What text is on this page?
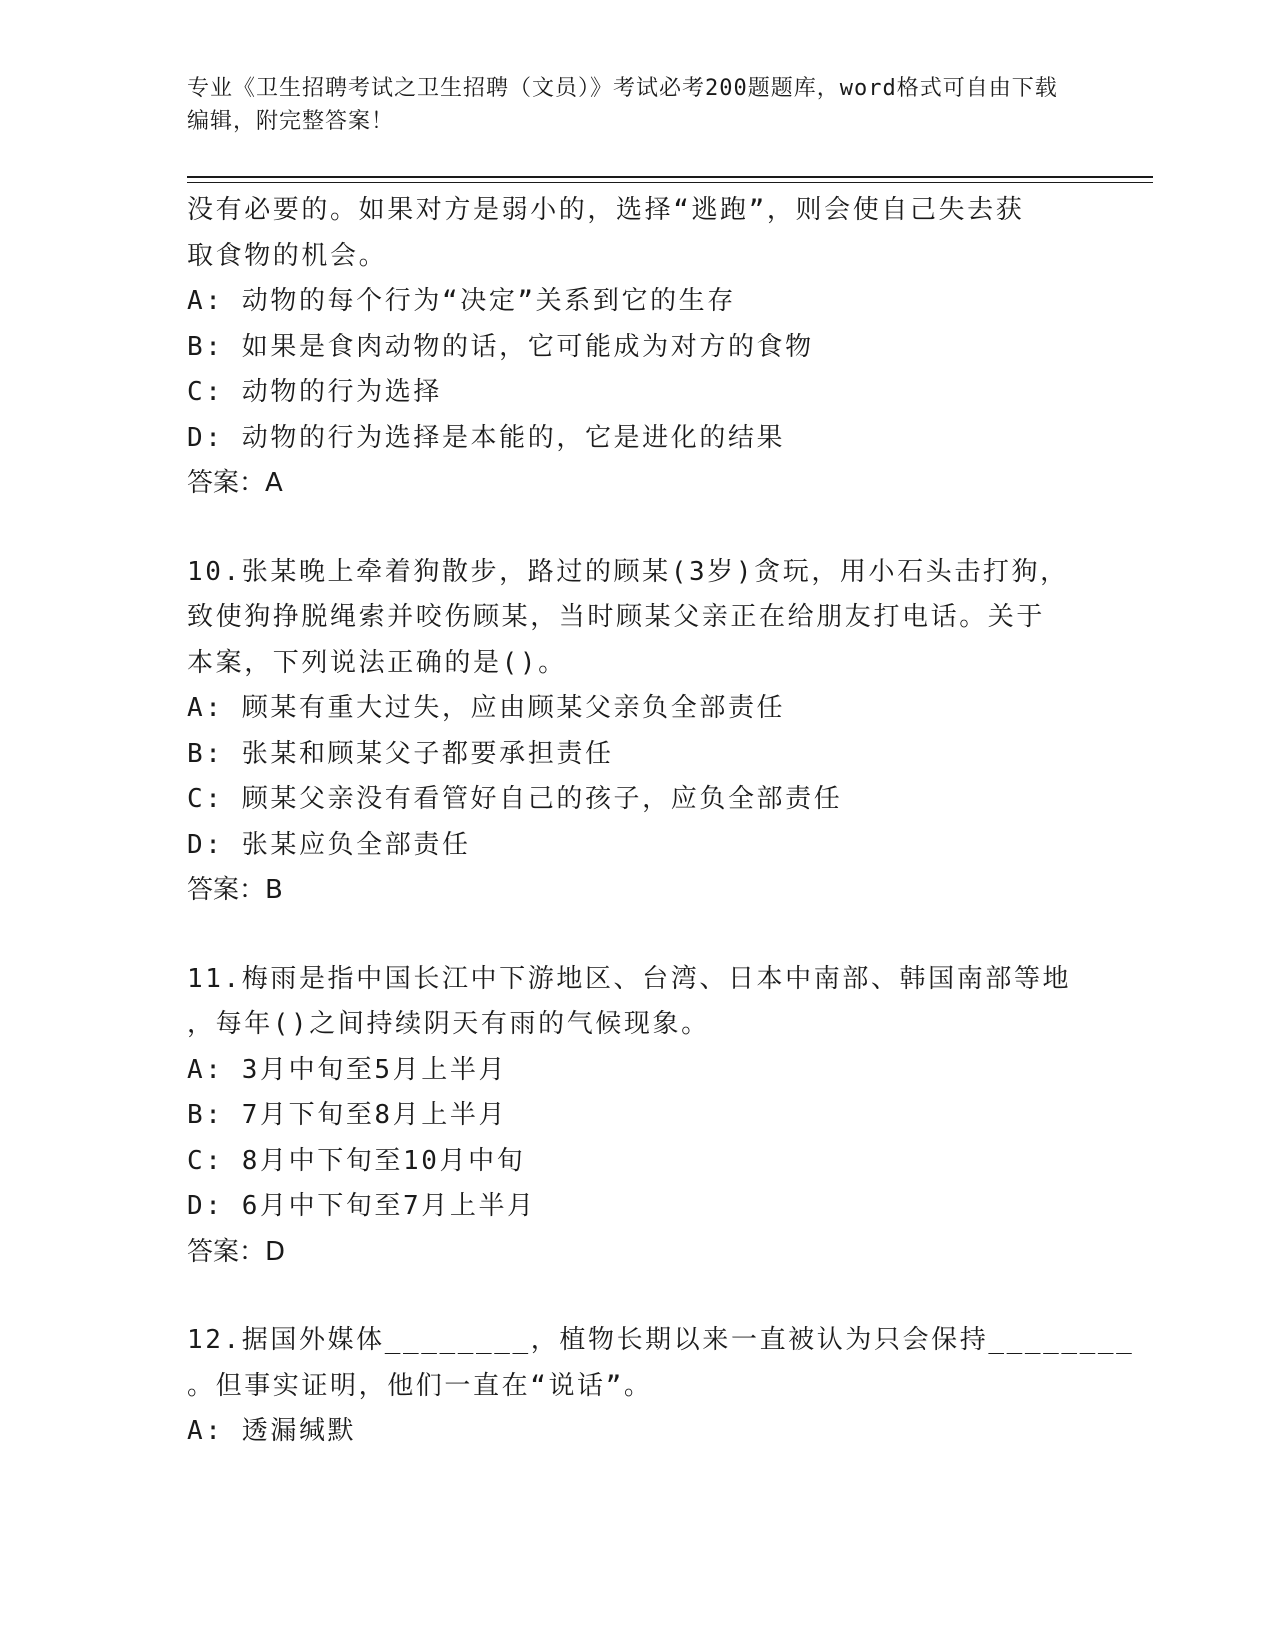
专业《卫生招聘考试之卫生招聘（文员）》考试必考200题题库，word格式可自由下载编辑，附完整答案！
没有必要的。如果对方是弱小的，选择“逃跑”，则会使自己失去获
取食物的机会。
A: 动物的每个行为“决定”关系到它的生存
B: 如果是食肉动物的话，它可能成为对方的食物
C: 动物的行为选择
D: 动物的行为选择是本能的，它是进化的结果
答案：A
10.张某晚上牵着狗散步，路过的顾某(3岁)贪玩，用小石头击打狗，
致使狗挣脱绳索并咬伤顾某，当时顾某父亲正在给朋友打电话。关于
本案，下列说法正确的是()。
A: 顾某有重大过失，应由顾某父亲负全部责任
B: 张某和顾某父子都要承担责任
C: 顾某父亲没有看管好自己的孩子，应负全部责任
D: 张某应负全部责任
答案：B
11.梅雨是指中国长江中下游地区、台湾、日本中南部、韩国南部等地
，每年()之间持续阴天有雨的气候现象。
A: 3月中旬至5月上半月
B: 7月下旬至8月上半月
C: 8月中下旬至10月中旬
D: 6月中下旬至7月上半月
答案：D
12.据国外媒体________，植物长期以来一直被认为只会保持________
。但事实证明，他们一直在“说话”。
A: 透漏缄默
